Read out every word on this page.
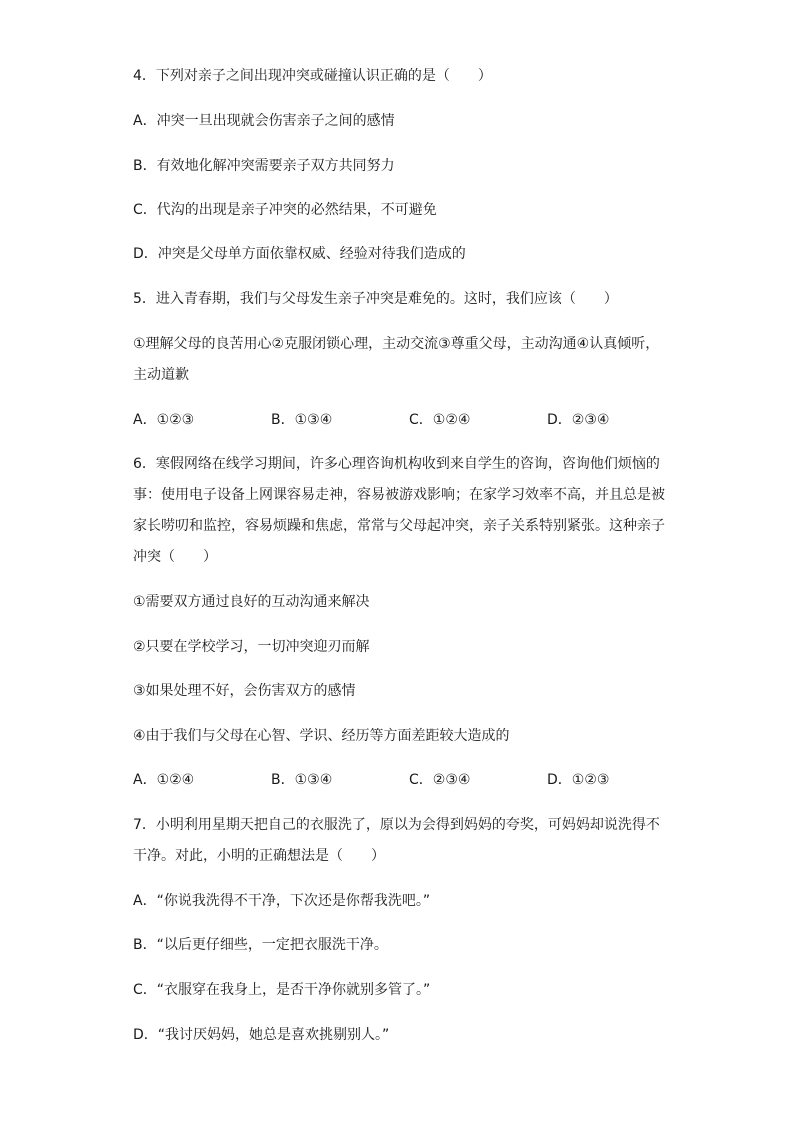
4．下列对亲子之间出现冲突或碰撞认识正确的是（　　）
A．冲突一旦出现就会伤害亲子之间的感情
B．有效地化解冲突需要亲子双方共同努力
C．代沟的出现是亲子冲突的必然结果，不可避免
D．冲突是父母单方面依靠权威、经验对待我们造成的
5．进入青春期，我们与父母发生亲子冲突是难免的。这时，我们应该（　　）
①理解父母的良苦用心②克服闭锁心理，主动交流③尊重父母，主动沟通④认真倾听，
主动道歉
A．①②③	B．①③④	C．①②④	D．②③④
6．寒假网络在线学习期间，许多心理咨询机构收到来自学生的咨询，咨询他们烦恼的
事：使用电子设备上网课容易走神，容易被游戏影响；在家学习效率不高，并且总是被
家长唠叨和监控，容易烦躁和焦虑，常常与父母起冲突，亲子关系特别紧张。这种亲子
冲突（　　）
①需要双方通过良好的互动沟通来解决
②只要在学校学习，一切冲突迎刃而解
③如果处理不好，会伤害双方的感情
④由于我们与父母在心智、学识、经历等方面差距较大造成的
A．①②④	B．①③④	C．②③④	D．①②③
7．小明利用星期天把自己的衣服洗了，原以为会得到妈妈的夸奖，可妈妈却说洗得不
干净。对此，小明的正确想法是（　　）
A．“你说我洗得不干净，下次还是你帮我洗吧。”
B．“以后更仔细些，一定把衣服洗干净。
C．“衣服穿在我身上，是否干净你就别多管了。”
D．“我讨厌妈妈，她总是喜欢挑剔别人。”
